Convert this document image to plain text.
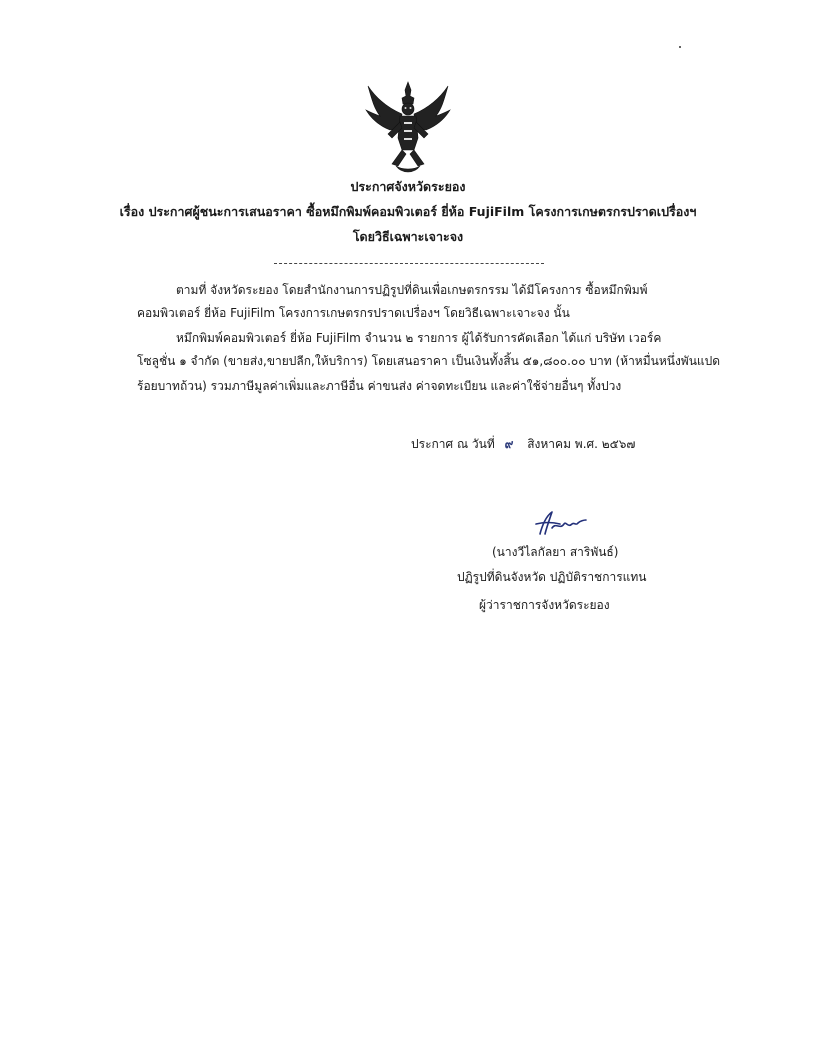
ประกาศจังหวัดระยอง
เรื่อง ประกาศผู้ชนะการเสนอราคา ซื้อหมึกพิมพ์คอมพิวเตอร์ ยี่ห้อ FujiFilm โครงการเกษตรกรปราดเปรื่องฯ
โดยวิธีเฉพาะเจาะจง
ตามที่ จังหวัดระยอง โดยสำนักงานการปฏิรูปที่ดินเพื่อเกษตรกรรม ได้มีโครงการ ซื้อหมึกพิมพ์
คอมพิวเตอร์ ยี่ห้อ FujiFilm โครงการเกษตรกรปราดเปรื่องฯ โดยวิธีเฉพาะเจาะจง นั้น
หมึกพิมพ์คอมพิวเตอร์ ยี่ห้อ FujiFilm จำนวน ๒ รายการ ผู้ได้รับการคัดเลือก ได้แก่ บริษัท เวอร์ค
โซลูชั่น ๑ จำกัด (ขายส่ง,ขายปลีก,ให้บริการ) โดยเสนอราคา เป็นเงินทั้งสิ้น ๕๑,๘๐๐.๐๐ บาท (ห้าหมื่นหนึ่งพันแปด
ร้อยบาทถ้วน) รวมภาษีมูลค่าเพิ่มและภาษีอื่น ค่าขนส่ง ค่าจดทะเบียน และค่าใช้จ่ายอื่นๆ ทั้งปวง
ประกาศ ณ วันที่ ๙ สิงหาคม พ.ศ. ๒๕๖๗
(นางวีไลกัลยา สาริพันธ์)
ปฏิรูปที่ดินจังหวัด ปฏิบัติราชการแทน
ผู้ว่าราชการจังหวัดระยอง
